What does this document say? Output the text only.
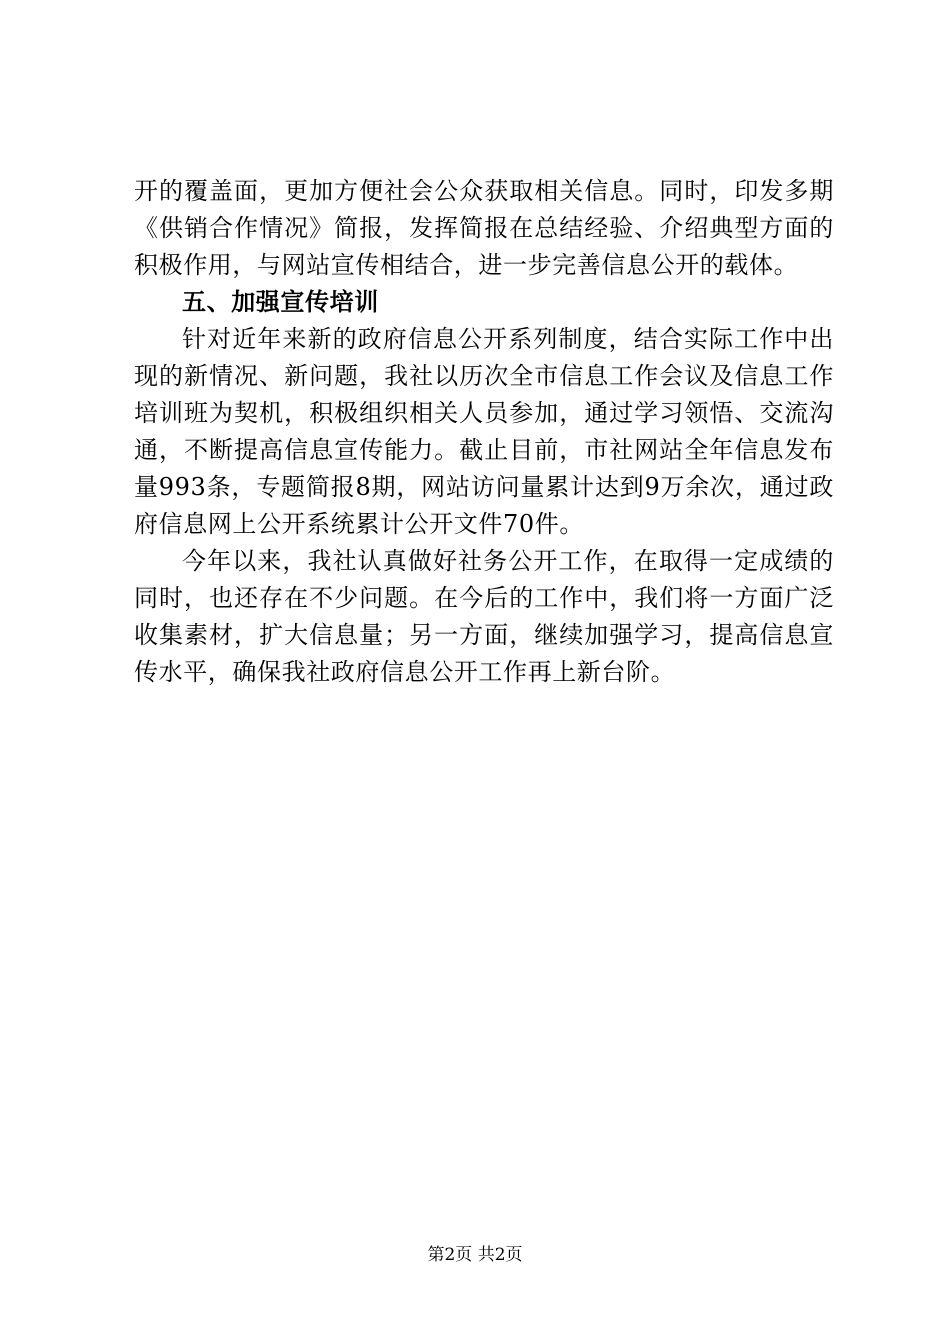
开的覆盖面，更加方便社会公众获取相关信息。同时，印发多期《供销合作情况》简报，发挥简报在总结经验、介绍典型方面的积极作用，与网站宣传相结合，进一步完善信息公开的载体。

五、加强宣传培训

针对近年来新的政府信息公开系列制度，结合实际工作中出现的新情况、新问题，我社以历次全市信息工作会议及信息工作培训班为契机，积极组织相关人员参加，通过学习领悟、交流沟通，不断提高信息宣传能力。截止目前，市社网站全年信息发布量993条，专题简报8期，网站访问量累计达到9万余次，通过政府信息网上公开系统累计公开文件70件。

今年以来，我社认真做好社务公开工作，在取得一定成绩的同时，也还存在不少问题。在今后的工作中，我们将一方面广泛收集素材，扩大信息量；另一方面，继续加强学习，提高信息宣传水平，确保我社政府信息公开工作再上新台阶。

第2页 共2页
